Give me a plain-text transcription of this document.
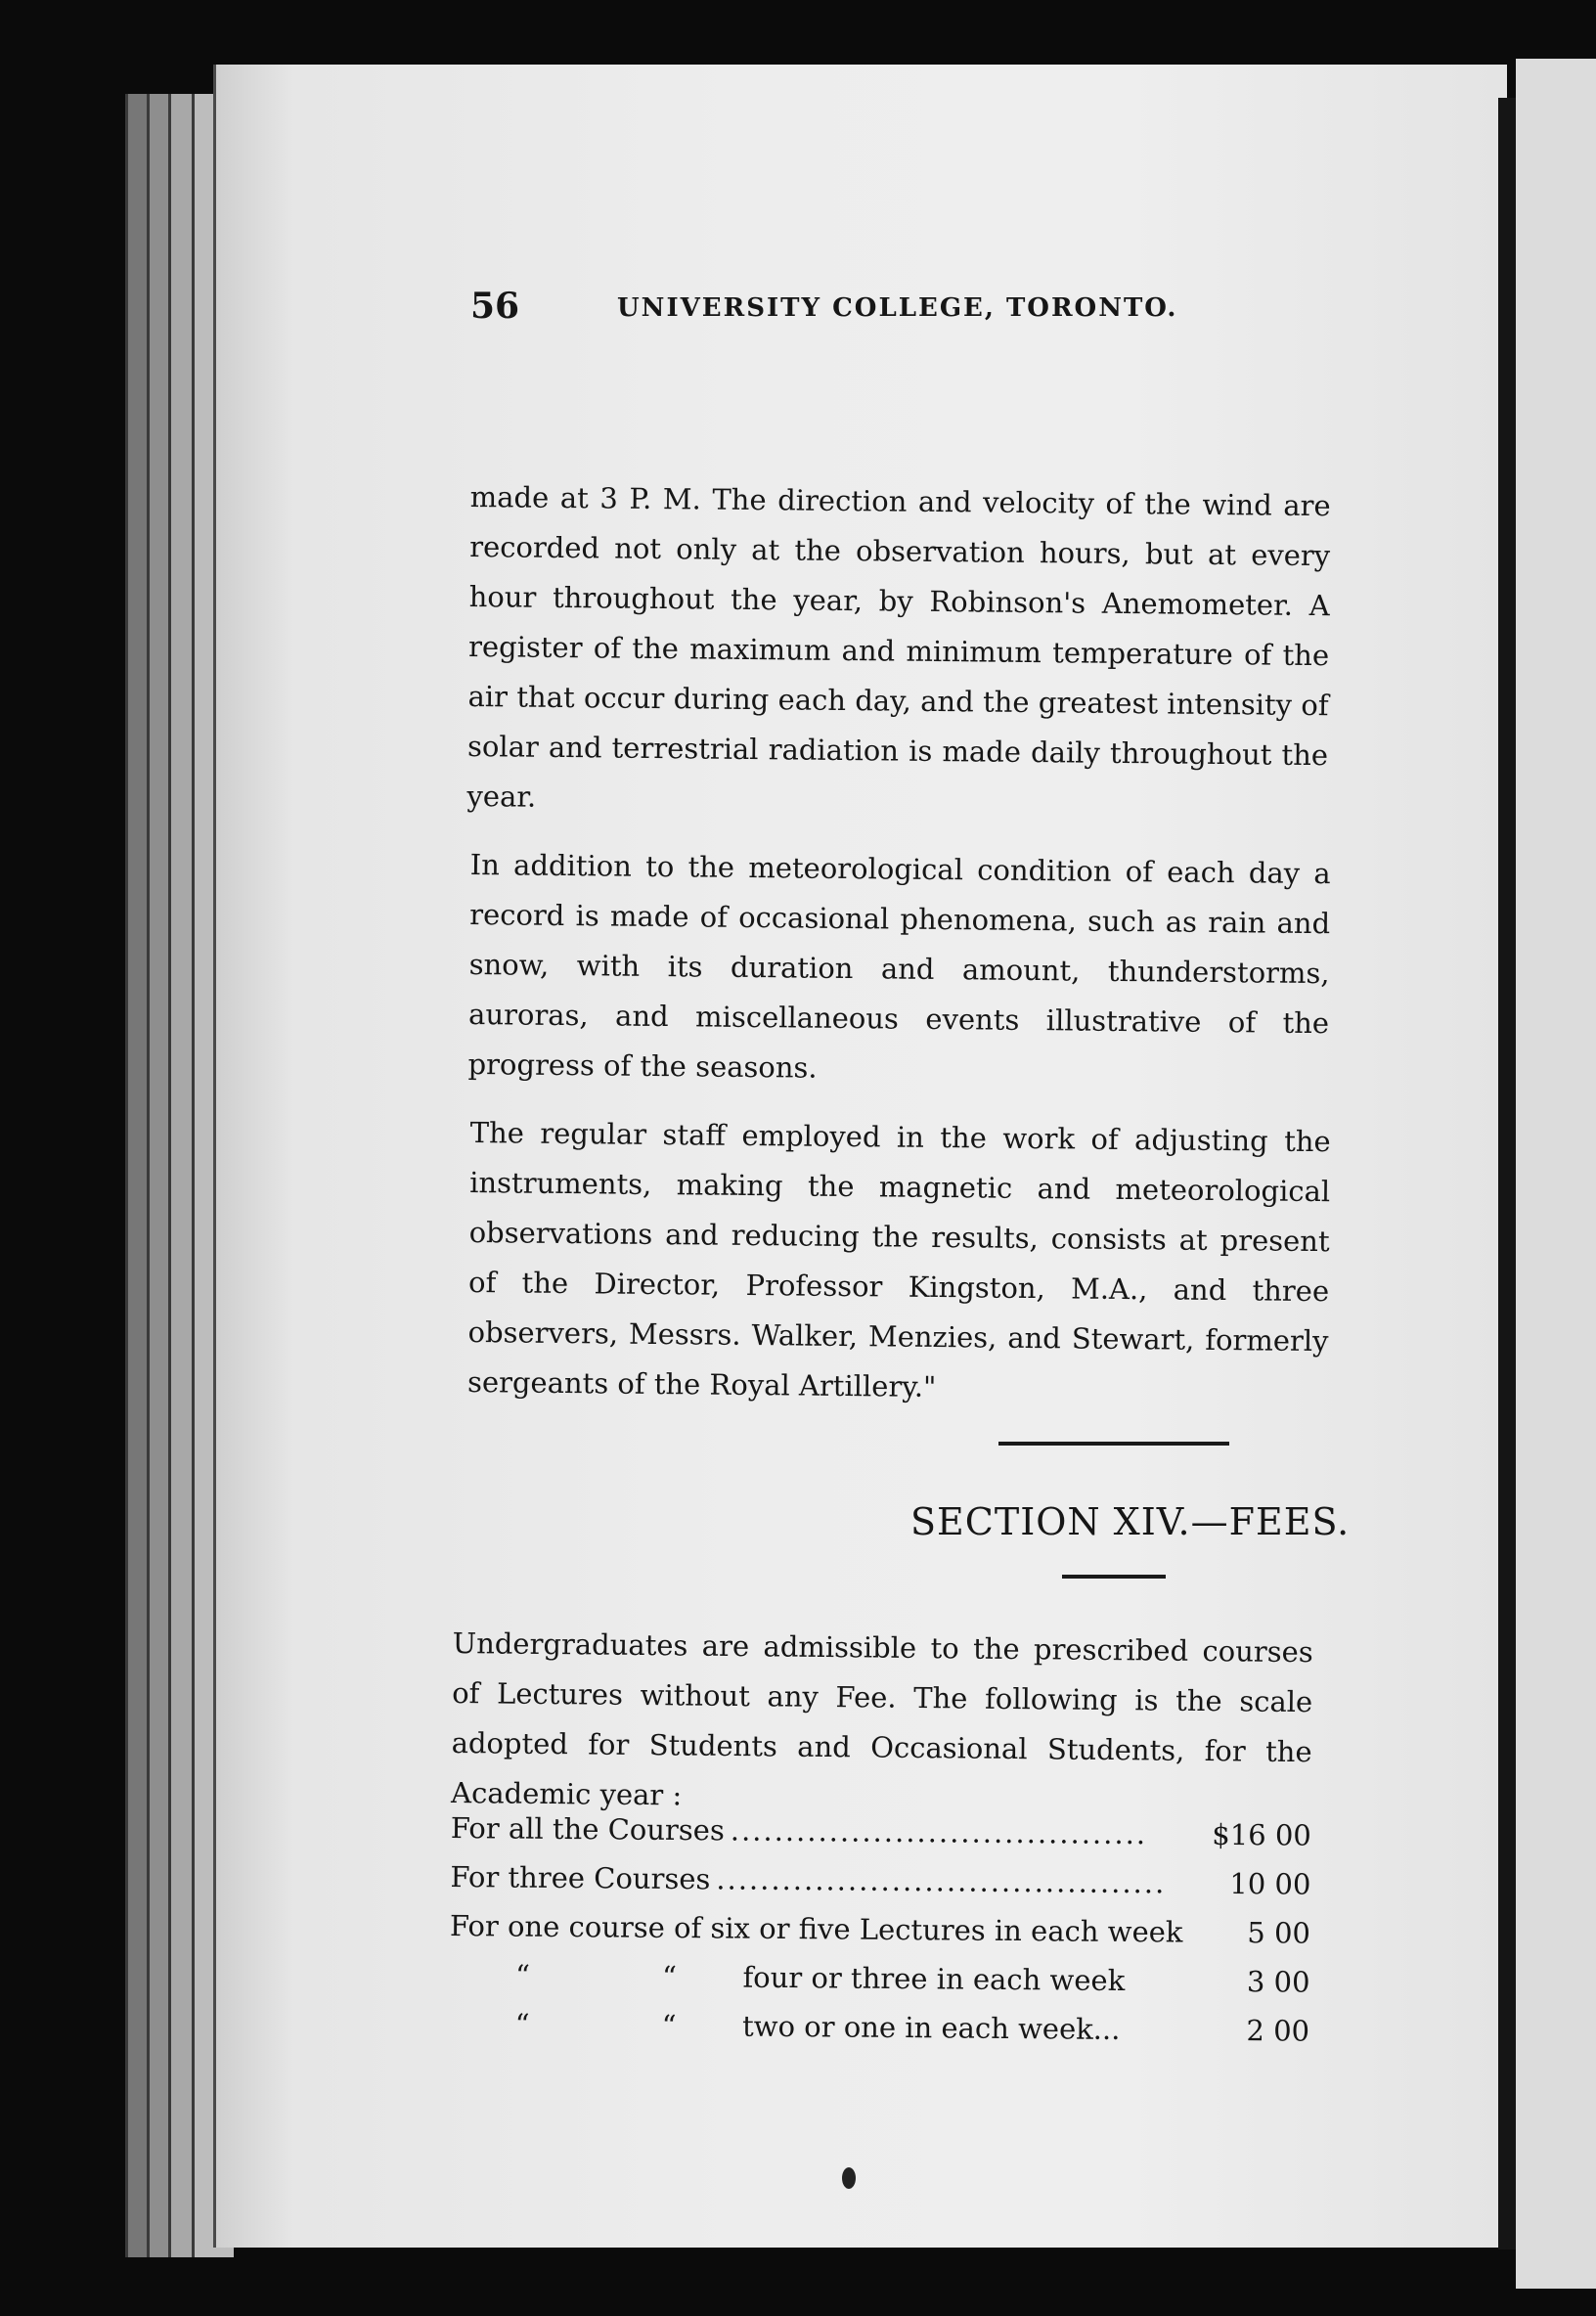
56	UNIVERSITY COLLEGE, TORONTO.

made at 3 P. M. The direction and velocity of the wind are recorded not only at the observation hours, but at every hour throughout the year, by Robinson's Anemometer. A register of the maximum and minimum temperature of the air that occur during each day, and the greatest intensity of solar and terrestrial radiation is made daily throughout the year.

In addition to the meteorological condition of each day a record is made of occasional phenomena, such as rain and snow, with its duration and amount, thunderstorms, auroras, and miscellaneous events illustrative of the progress of the seasons.

The regular staff employed in the work of adjusting the instruments, making the magnetic and meteorological observations and reducing the results, consists at present of the Director, Professor Kingston, M.A., and three observers, Messrs. Walker, Menzies, and Stewart, formerly sergeants of the Royal Artillery."

SECTION XIV.—FEES.

Undergraduates are admissible to the prescribed courses of Lectures without any Fee. The following is the scale adopted for Students and Occasional Students, for the Academic year :

For all the Courses ......................................	$16 00
For three Courses .........................................	10 00
For one course of six or five Lectures in each week	5 00
“	“	four or three in each week	3 00
“	“	two or one in each week...	2 00
